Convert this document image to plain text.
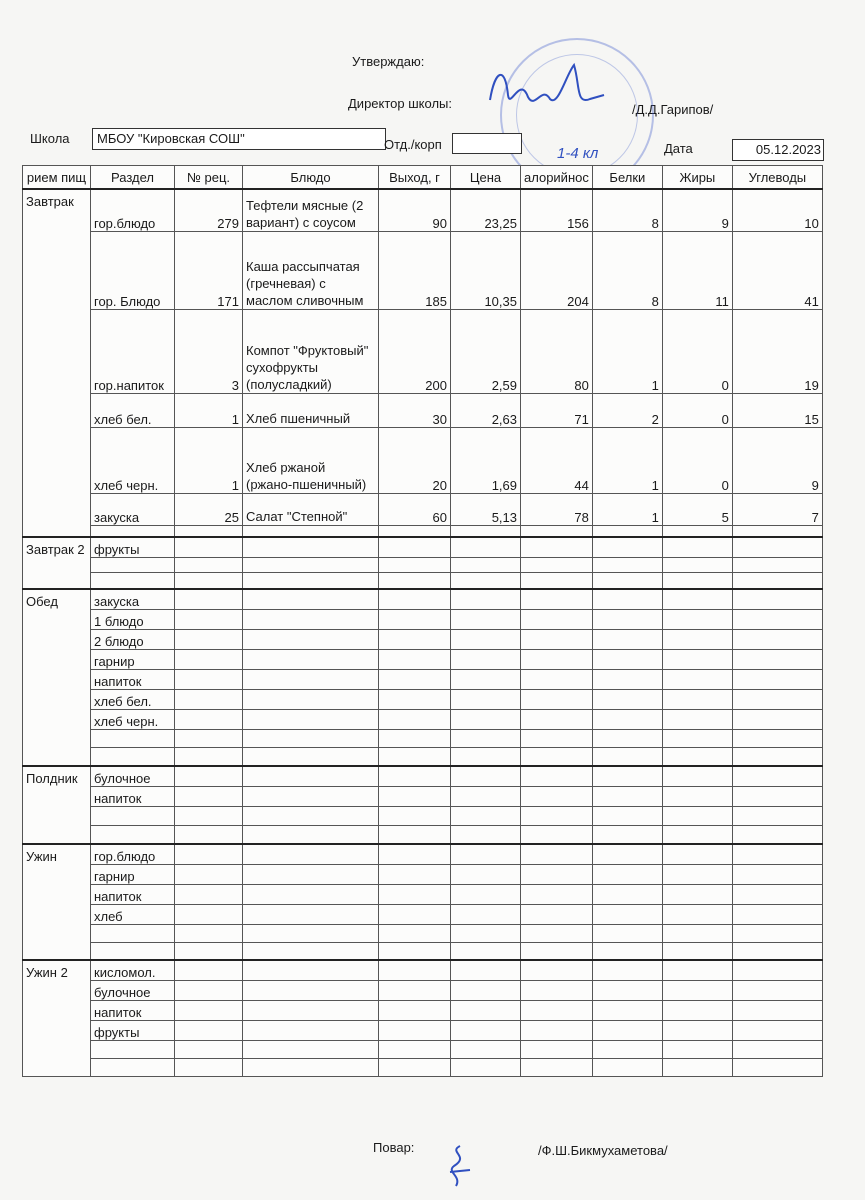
Утверждаю:
Директор школы:	/Д.Д.Гарипов/
Школа	МБОУ "Кировская СОШ"	Отд./корп
1-4 кл	Дата	05.12.2023
рием пищ	Раздел	№ рец.	Блюдо	Выход, г	Цена	алорийнос	Белки	Жиры	Углеводы
Завтрак	гор.блюдо	279	Тефтели мясные (2 вариант) с соусом	90	23,25	156	8	9	10
	гор. Блюдо	171	Каша рассыпчатая (гречневая) с маслом сливочным	185	10,35	204	8	11	41
	гор.напиток	3	Компот "Фруктовый" сухофрукты (полусладкий)	200	2,59	80	1	0	19
	хлеб бел.	1	Хлеб пшеничный	30	2,63	71	2	0	15
	хлеб черн.	1	Хлеб ржаной (ржано-пшеничный)	20	1,69	44	1	0	9
	закуска	25	Салат "Степной"	60	5,13	78	1	5	7

Завтрак 2	фрукты								

Обед	закуска								
	1 блюдо								
	2 блюдо								
	гарнир								
	напиток								
	хлеб бел.								
	хлеб черн.								

Полдник	булочное								
	напиток								

Ужин	гор.блюдо								
	гарнир								
	напиток								
	хлеб								

Ужин 2	кисломол.								
	булочное								
	напиток								
	фрукты								

Повар:	/Ф.Ш.Бикмухаметова/
